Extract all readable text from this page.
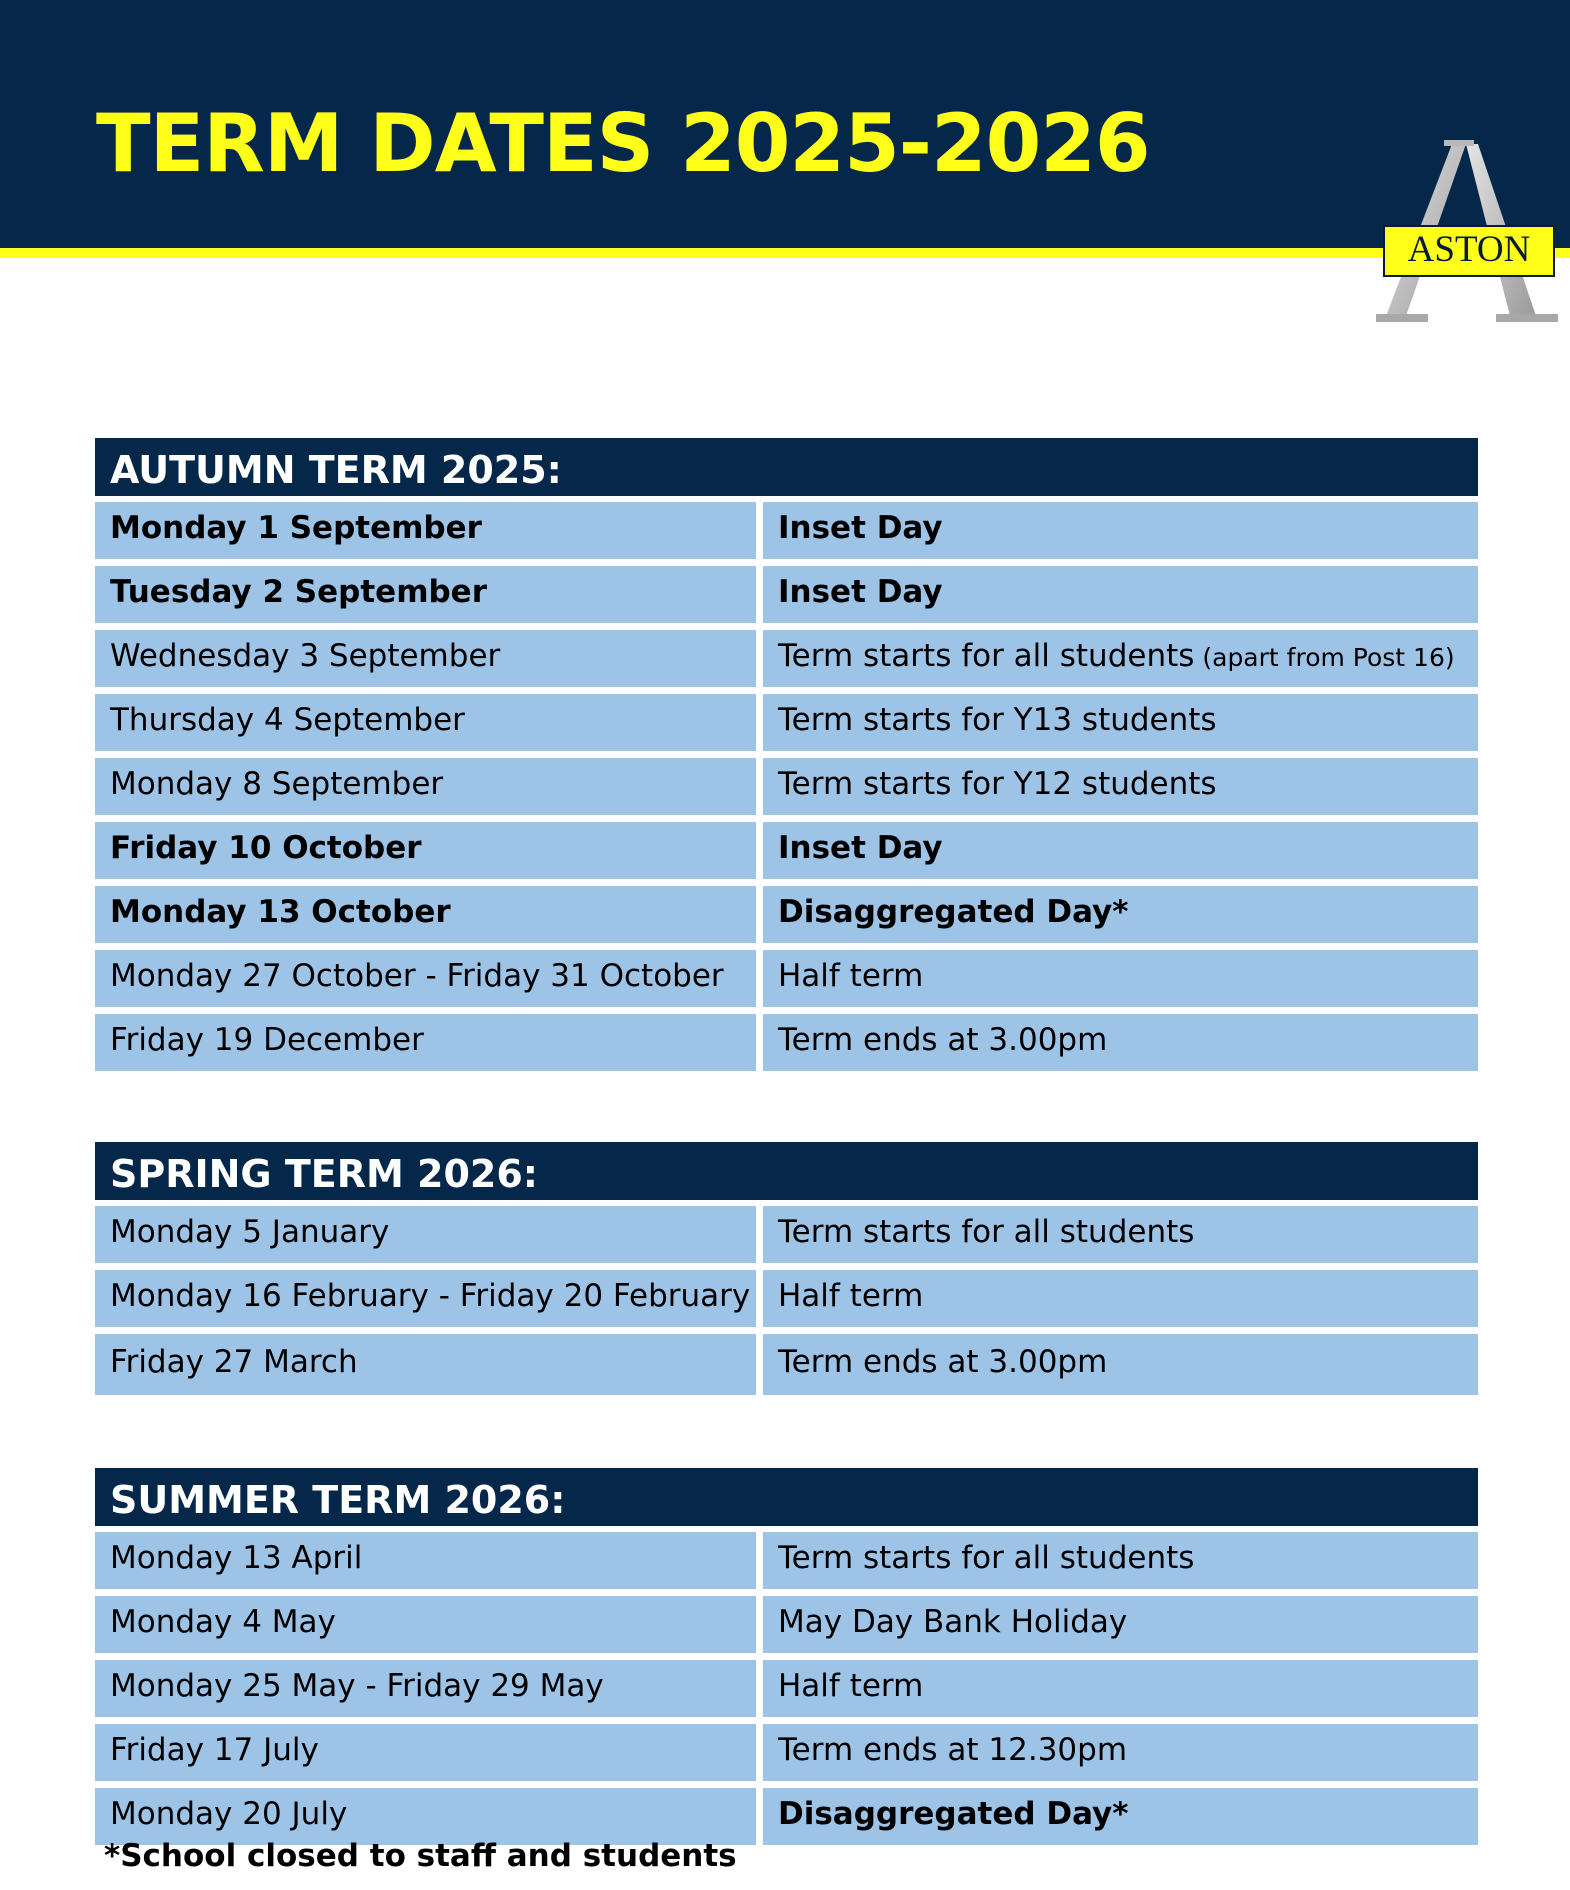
TERM DATES 2025-2026
ASTON
AUTUMN TERM 2025:
Monday 1 September	Inset Day
Tuesday 2 September	Inset Day
Wednesday 3 September	Term starts for all students (apart from Post 16)
Thursday 4 September	Term starts for Y13 students
Monday 8 September	Term starts for Y12 students
Friday 10 October	Inset Day
Monday 13 October	Disaggregated Day*
Monday 27 October - Friday 31 October	Half term
Friday 19 December	Term ends at 3.00pm
SPRING TERM 2026:
Monday 5 January	Term starts for all students
Monday 16 February - Friday 20 February Half term
Friday 27 March	Term ends at 3.00pm
SUMMER TERM 2026:
Monday 13 April	Term starts for all students
Monday 4 May	May Day Bank Holiday
Monday 25 May - Friday 29 May	Half term
Friday 17 July	Term ends at 12.30pm
Monday 20 July	Disaggregated Day*

*School closed to staff and students
